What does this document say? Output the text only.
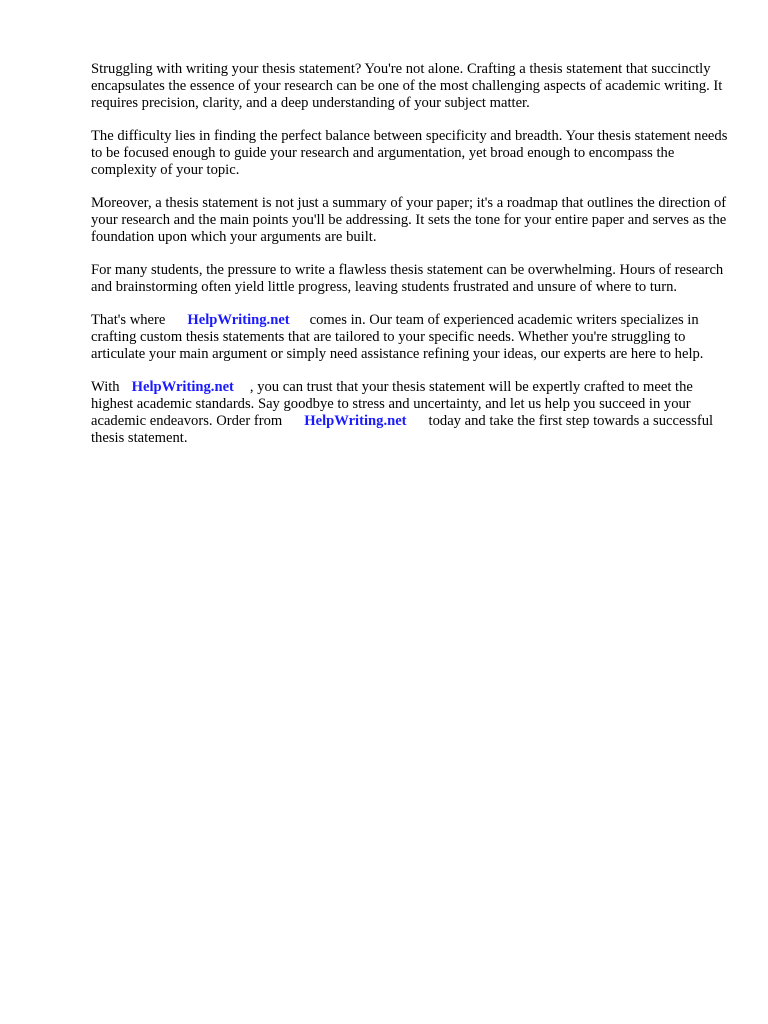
Struggling with writing your thesis statement? You're not alone. Crafting a thesis statement that succinctly encapsulates the essence of your research can be one of the most challenging aspects of academic writing. It requires precision, clarity, and a deep understanding of your subject matter.

The difficulty lies in finding the perfect balance between specificity and breadth. Your thesis statement needs to be focused enough to guide your research and argumentation, yet broad enough to encompass the complexity of your topic.

Moreover, a thesis statement is not just a summary of your paper; it's a roadmap that outlines the direction of your research and the main points you'll be addressing. It sets the tone for your entire paper and serves as the foundation upon which your arguments are built.

For many students, the pressure to write a flawless thesis statement can be overwhelming. Hours of research and brainstorming often yield little progress, leaving students frustrated and unsure of where to turn.

That's where HelpWriting.net comes in. Our team of experienced academic writers specializes in crafting custom thesis statements that are tailored to your specific needs. Whether you're struggling to articulate your main argument or simply need assistance refining your ideas, our experts are here to help.

With HelpWriting.net , you can trust that your thesis statement will be expertly crafted to meet the highest academic standards. Say goodbye to stress and uncertainty, and let us help you succeed in your academic endeavors. Order from HelpWriting.net today and take the first step towards a successful thesis statement.
